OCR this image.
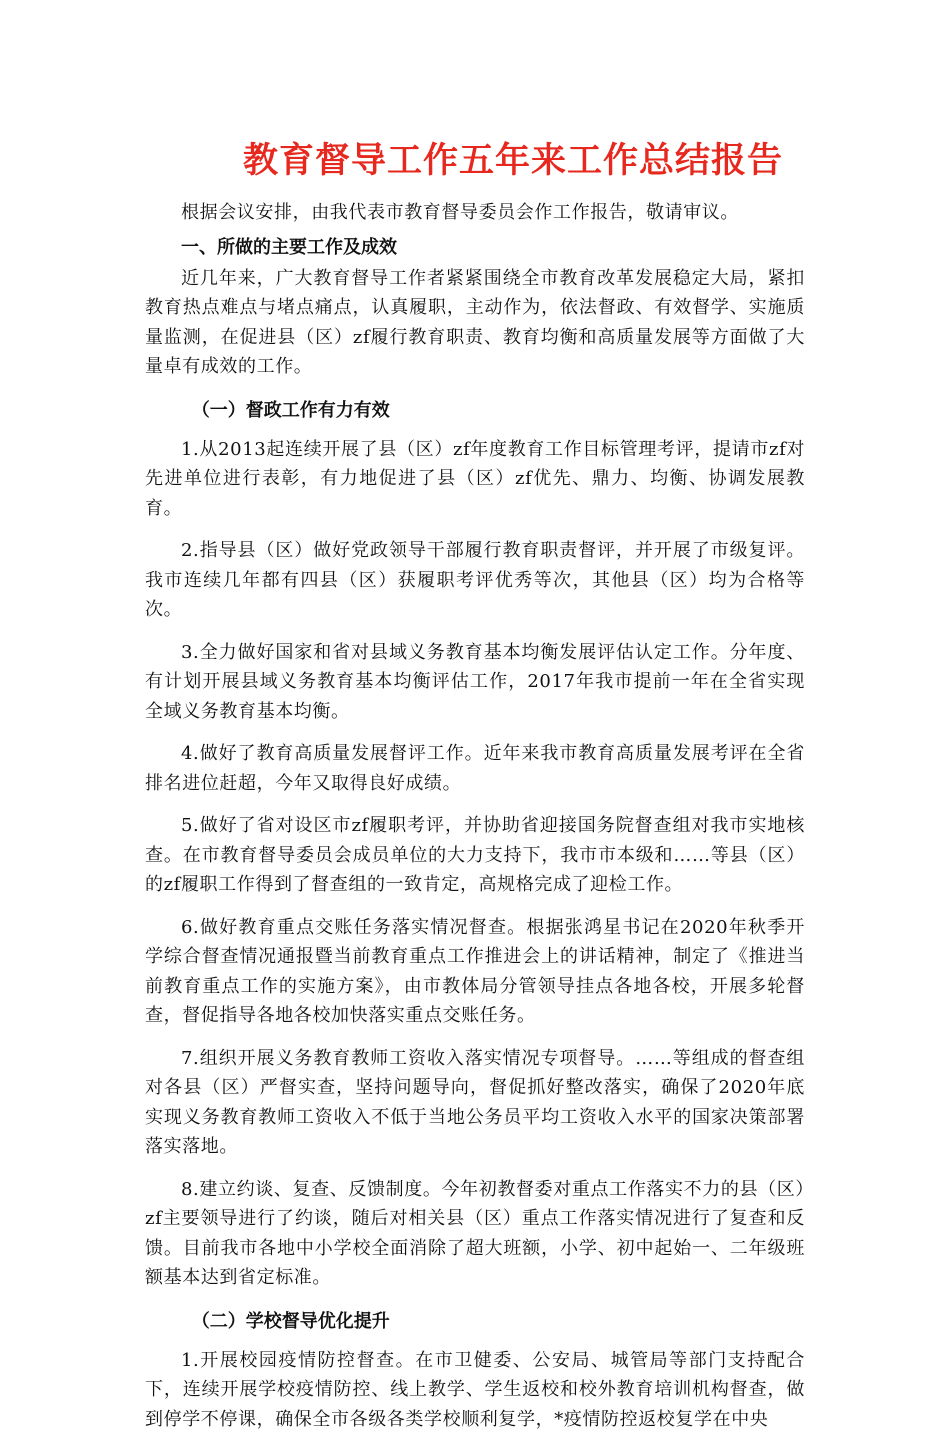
教育督导工作五年来工作总结报告

根据会议安排，由我代表市教育督导委员会作工作报告，敬请审议。

一、所做的主要工作及成效

近几年来，广大教育督导工作者紧紧围绕全市教育改革发展稳定大局，紧扣教育热点难点与堵点痛点，认真履职，主动作为，依法督政、有效督学、实施质量监测，在促进县（区）zf履行教育职责、教育均衡和高质量发展等方面做了大量卓有成效的工作。

（一）督政工作有力有效

1.从2013起连续开展了县（区）zf年度教育工作目标管理考评，提请市zf对先进单位进行表彰，有力地促进了县（区）zf优先、鼎力、均衡、协调发展教育。

2.指导县（区）做好党政领导干部履行教育职责督评，并开展了市级复评。我市连续几年都有四县（区）获履职考评优秀等次，其他县（区）均为合格等次。

3.全力做好国家和省对县域义务教育基本均衡发展评估认定工作。分年度、有计划开展县域义务教育基本均衡评估工作，2017年我市提前一年在全省实现全域义务教育基本均衡。

4.做好了教育高质量发展督评工作。近年来我市教育高质量发展考评在全省排名进位赶超，今年又取得良好成绩。

5.做好了省对设区市zf履职考评，并协助省迎接国务院督查组对我市实地核查。在市教育督导委员会成员单位的大力支持下，我市市本级和……等县（区）的zf履职工作得到了督查组的一致肯定，高规格完成了迎检工作。

6.做好教育重点交账任务落实情况督查。根据张鸿星书记在2020年秋季开学综合督查情况通报暨当前教育重点工作推进会上的讲话精神，制定了《推进当前教育重点工作的实施方案》，由市教体局分管领导挂点各地各校，开展多轮督查，督促指导各地各校加快落实重点交账任务。

7.组织开展义务教育教师工资收入落实情况专项督导。……等组成的督查组对各县（区）严督实查，坚持问题导向，督促抓好整改落实，确保了2020年底实现义务教育教师工资收入不低于当地公务员平均工资收入水平的国家决策部署落实落地。

8.建立约谈、复查、反馈制度。今年初教督委对重点工作落实不力的县（区）zf主要领导进行了约谈，随后对相关县（区）重点工作落实情况进行了复查和反馈。目前我市各地中小学校全面消除了超大班额，小学、初中起始一、二年级班额基本达到省定标准。

（二）学校督导优化提升

1.开展校园疫情防控督查。在市卫健委、公安局、城管局等部门支持配合下，连续开展学校疫情防控、线上教学、学生返校和校外教育培训机构督查，做到停学不停课，确保全市各级各类学校顺利复学，*疫情防控返校复学在中央
